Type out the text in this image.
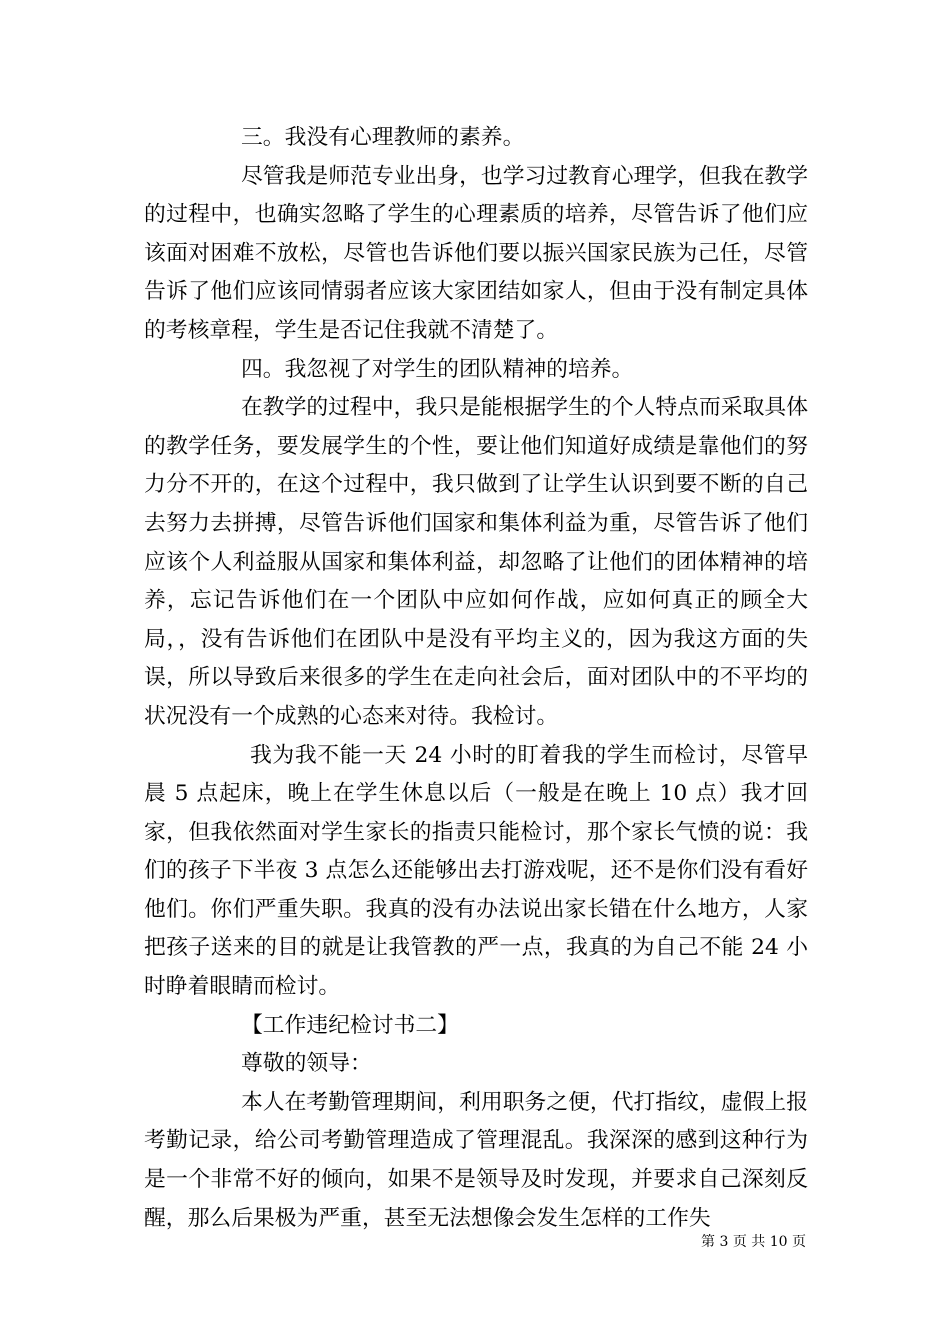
三。我没有心理教师的素养。

尽管我是师范专业出身，也学习过教育心理学，但我在教学的过程中，也确实忽略了学生的心理素质的培养，尽管告诉了他们应该面对困难不放松，尽管也告诉他们要以振兴国家民族为己任，尽管告诉了他们应该同情弱者应该大家团结如家人，但由于没有制定具体的考核章程，学生是否记住我就不清楚了。

四。我忽视了对学生的团队精神的培养。

在教学的过程中，我只是能根据学生的个人特点而采取具体的教学任务，要发展学生的个性，要让他们知道好成绩是靠他们的努力分不开的，在这个过程中，我只做到了让学生认识到要不断的自己去努力去拼搏，尽管告诉他们国家和集体利益为重，尽管告诉了他们应该个人利益服从国家和集体利益，却忽略了让他们的团体精神的培养，忘记告诉他们在一个团队中应如何作战，应如何真正的顾全大局，，没有告诉他们在团队中是没有平均主义的，因为我这方面的失误，所以导致后来很多的学生在走向社会后，面对团队中的不平均的状况没有一个成熟的心态来对待。我检讨。

我为我不能一天 24 小时的盯着我的学生而检讨，尽管早晨 5 点起床，晚上在学生休息以后（一般是在晚上 10 点）我才回家，但我依然面对学生家长的指责只能检讨，那个家长气愤的说：我们的孩子下半夜 3 点怎么还能够出去打游戏呢，还不是你们没有看好他们。你们严重失职。我真的没有办法说出家长错在什么地方，人家把孩子送来的目的就是让我管教的严一点，我真的为自己不能 24 小时睁着眼睛而检讨。

【工作违纪检讨书二】

尊敬的领导：

本人在考勤管理期间，利用职务之便，代打指纹，虚假上报考勤记录，给公司考勤管理造成了管理混乱。我深深的感到这种行为是一个非常不好的倾向，如果不是领导及时发现，并要求自己深刻反醒，那么后果极为严重，甚至无法想像会发生怎样的工作失

第 3 页 共 10 页
